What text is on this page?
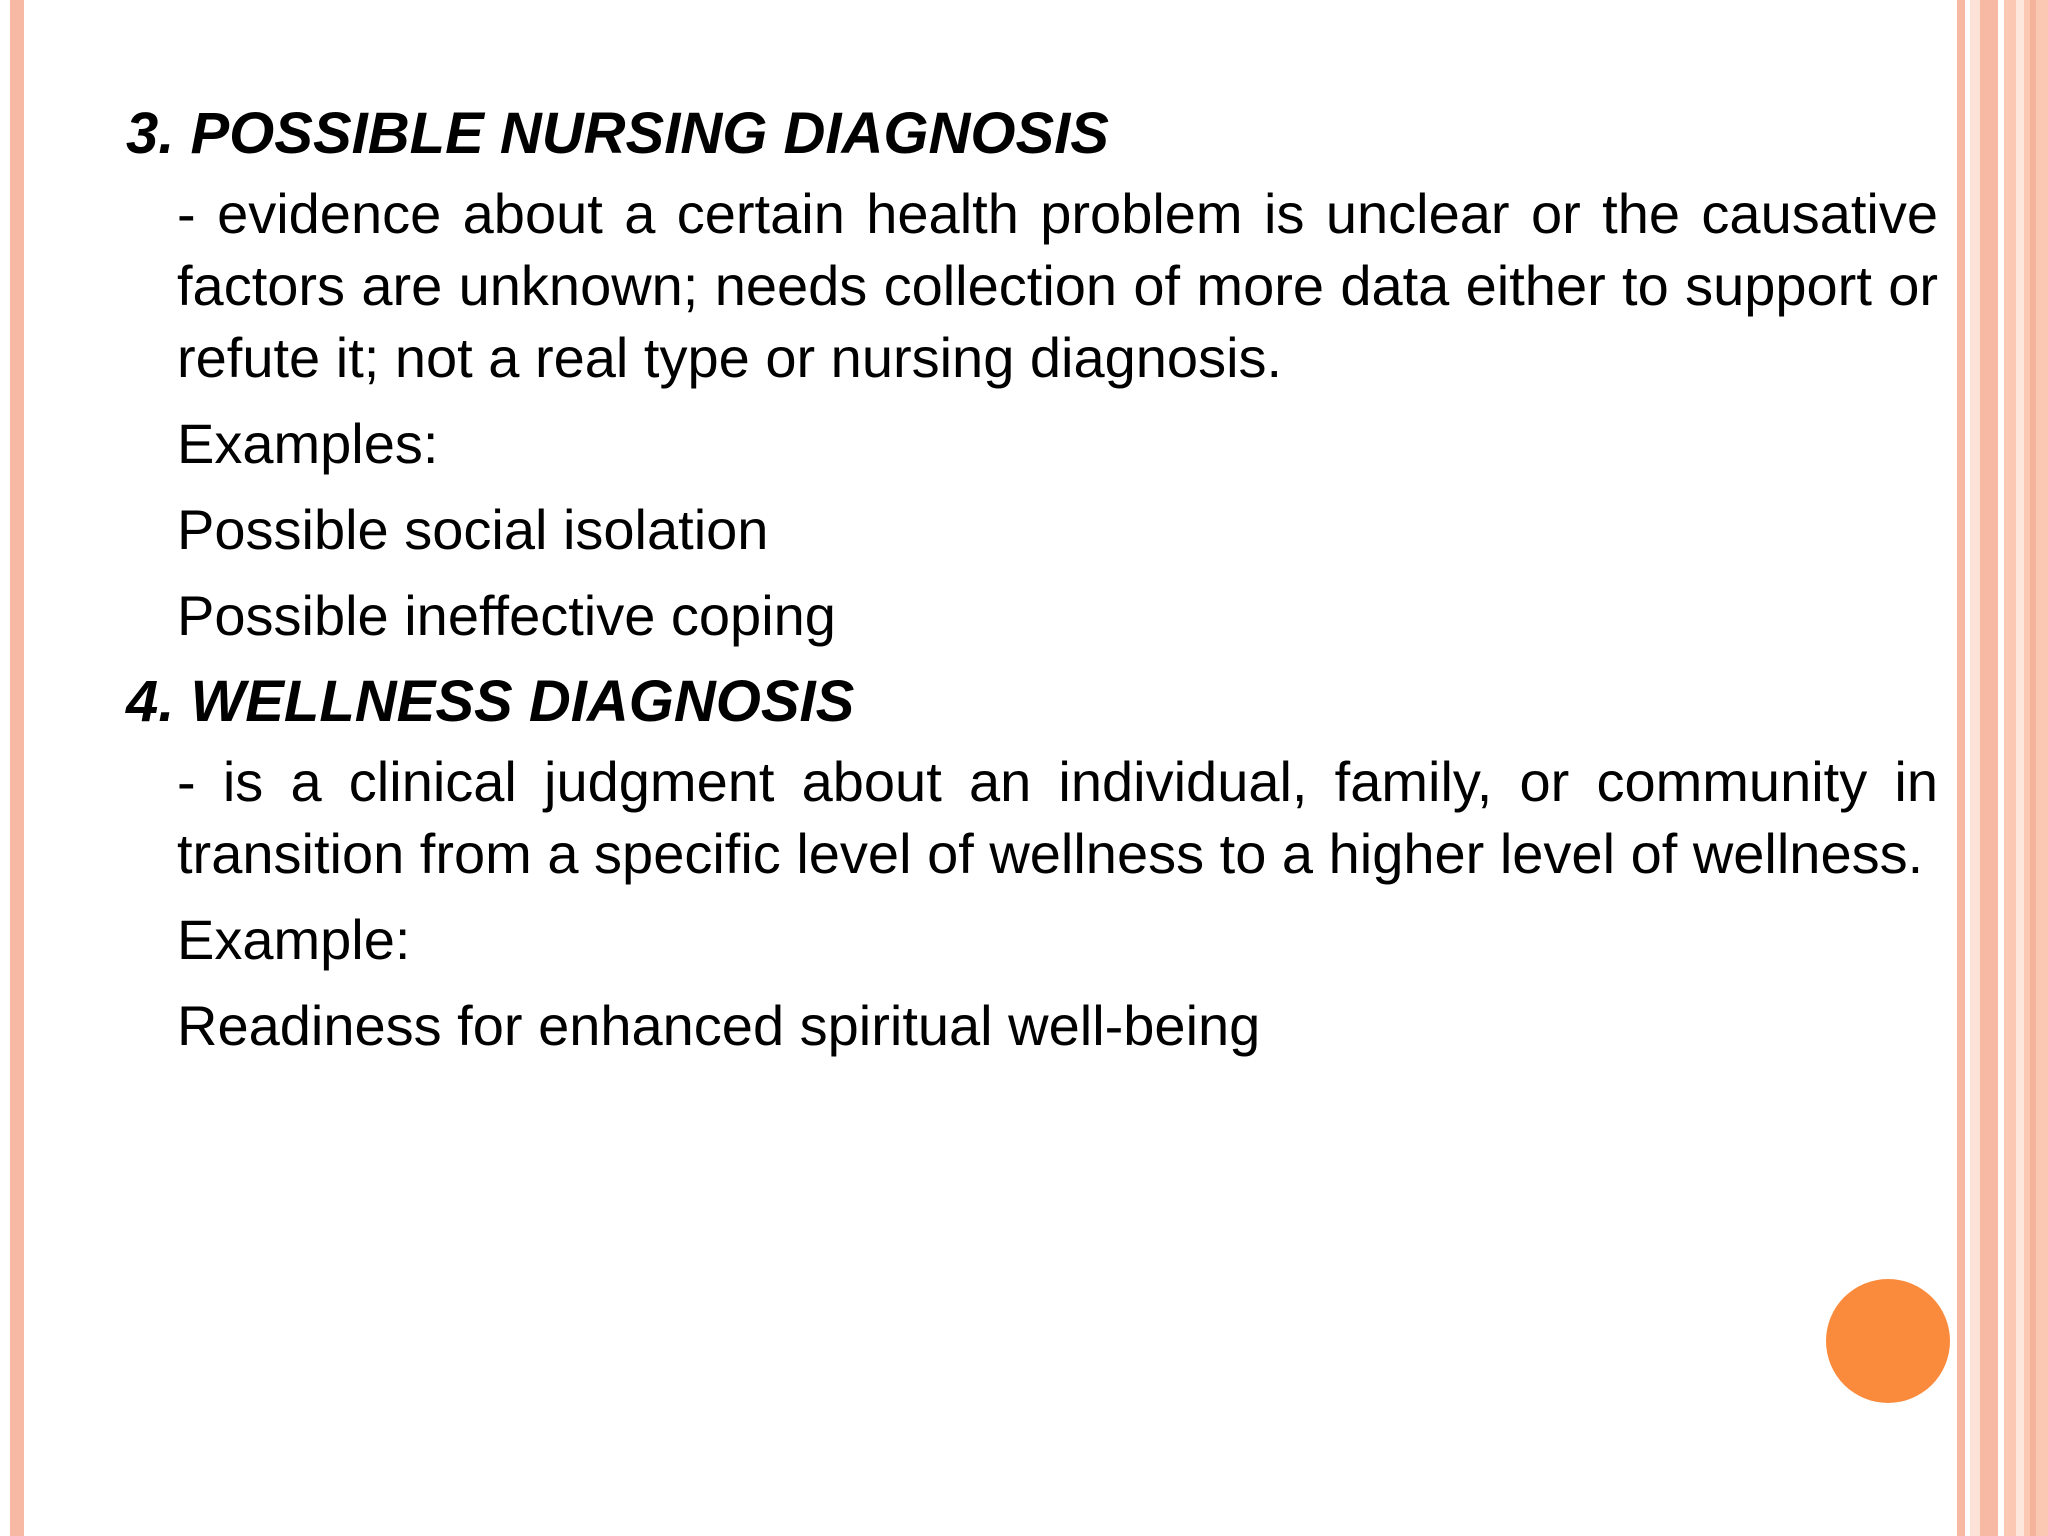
3. POSSIBLE NURSING DIAGNOSIS

- evidence about a certain health problem is unclear or the causative factors are unknown; needs collection of more data either to support or refute it; not a real type or nursing diagnosis.

Examples:

Possible social isolation

Possible ineffective coping

4. WELLNESS DIAGNOSIS

- is a clinical judgment about an individual, family, or community in transition from a specific level of wellness to a higher level of wellness.

Example:

Readiness for enhanced spiritual well-being
